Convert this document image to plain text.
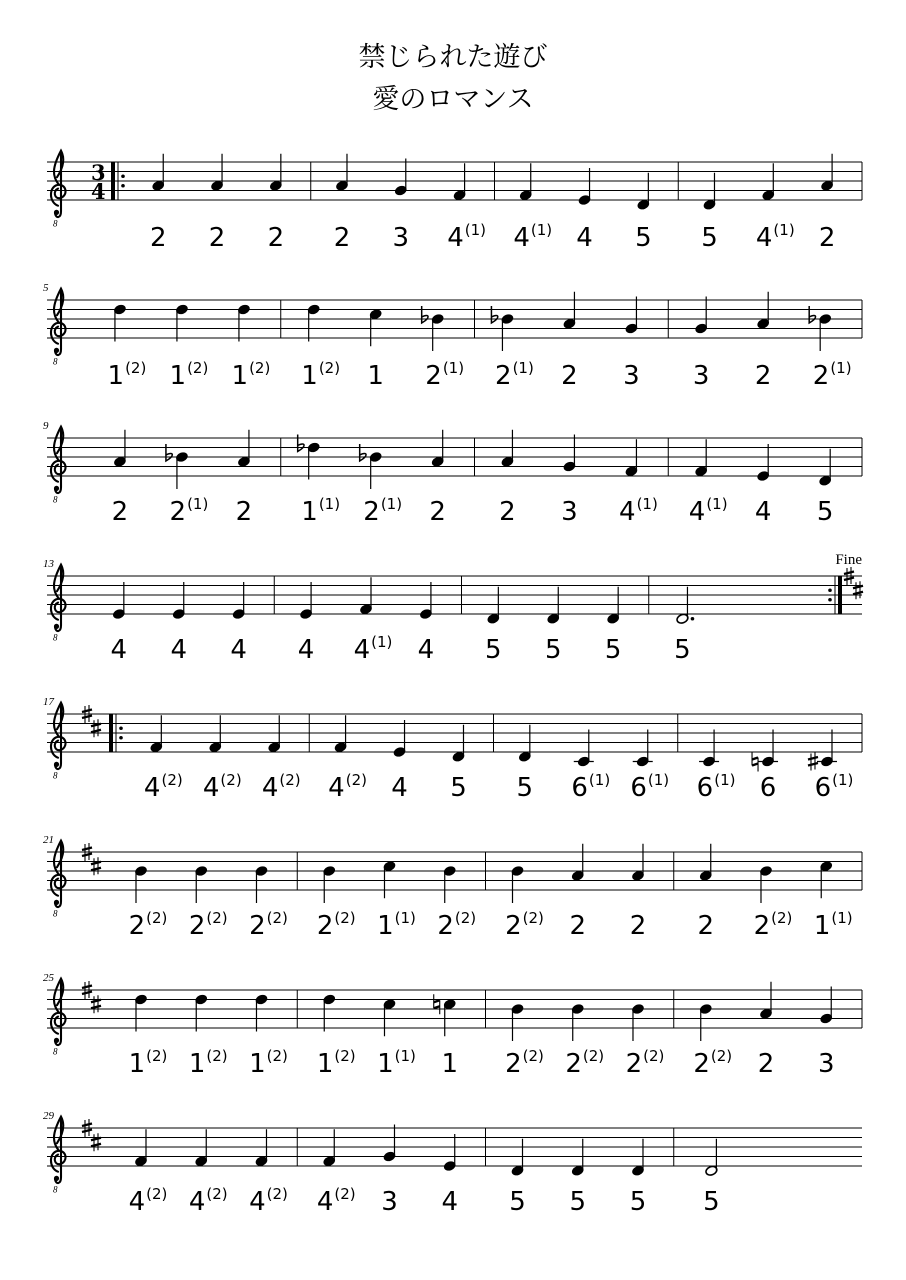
禁じられた遊び
愛のロマンス
8
3
4
2 2 2 2 3 4$^{(1)}$ 4$^{(1)}$ 4 5 5 4$^{(1)}$ 2
5
8 1$^{(2)}$ 1$^{(2)}$ 1$^{(2)}$ 1$^{(2)}$ 1 2$^{(1)}$ 2$^{(1)}$ 2 3 3 2 2$^{(1)}$
9
8 2 2$^{(1)}$ 2 1$^{(1)}$ 2$^{(1)}$ 2 2 3 4$^{(1)}$ 4$^{(1)}$ 4 5
13
8 4 4 4 4 4$^{(1)}$ 4 5 5 5 5
Fine
17
8	4$^{(2)}$ 4$^{(2)}$ 4$^{(2)}$ 4$^{(2)}$ 4 5 5 6$^{(1)}$ 6$^{(1)}$ 6$^{(1)}$ 6 6$^{(1)}$
21
8	2$^{(2)}$ 2$^{(2)}$ 2$^{(2)}$ 2$^{(2)}$ 1$^{(1)}$ 2$^{(2)}$ 2$^{(2)}$ 2 2 2 2$^{(2)}$ 1$^{(1)}$
25
8	1$^{(2)}$ 1$^{(2)}$ 1$^{(2)}$ 1$^{(2)}$ 1$^{(1)}$ 1 2$^{(2)}$ 2$^{(2)}$ 2$^{(2)}$ 2$^{(2)}$ 2 3
29
8	4$^{(2)}$ 4$^{(2)}$ 4$^{(2)}$ 4$^{(2)}$ 3 4 5 5 5 5
